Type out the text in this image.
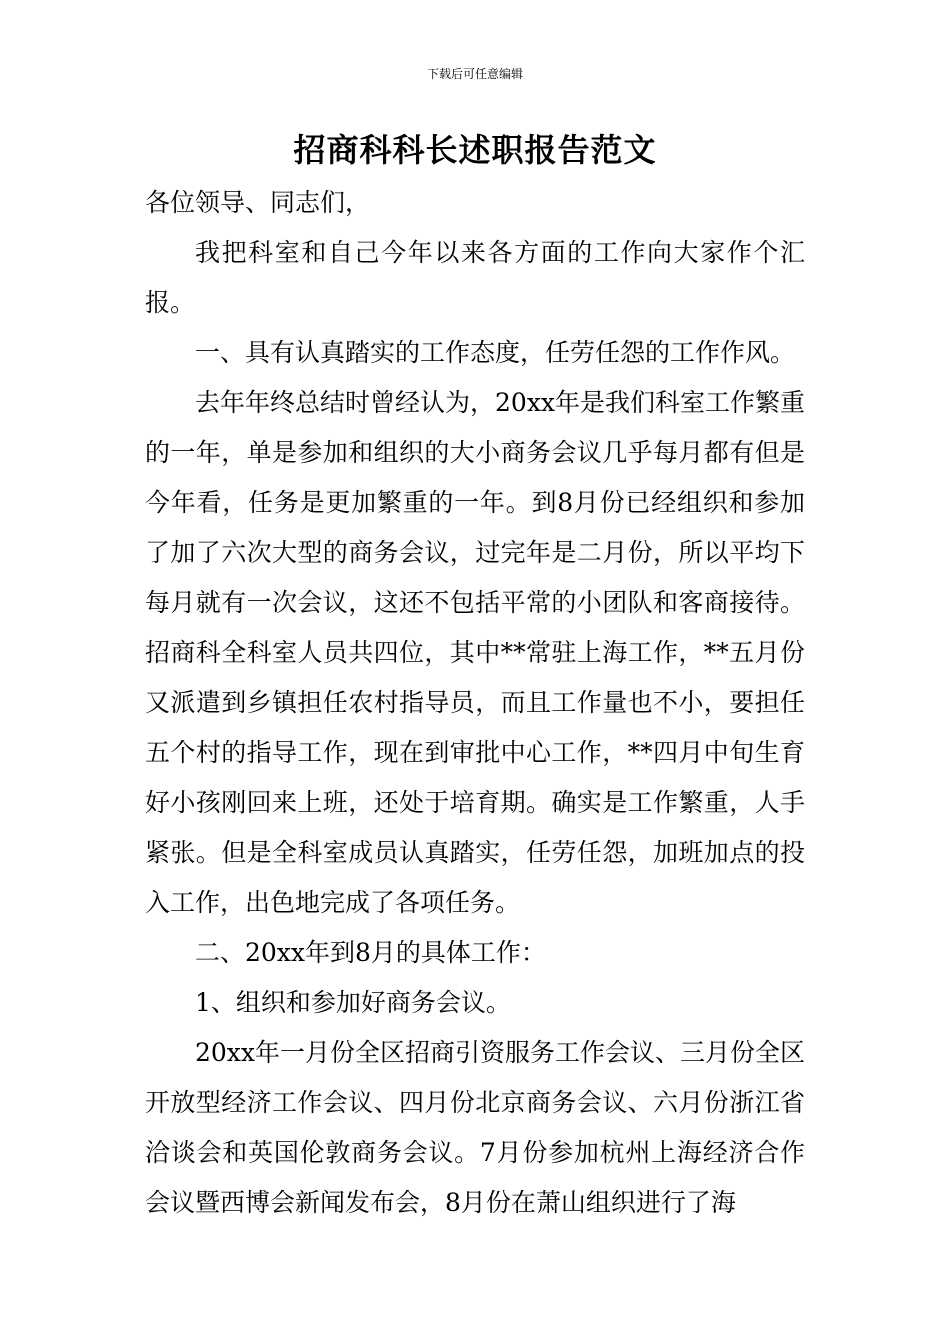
下载后可任意编辑
招商科科长述职报告范文

各位领导、同志们，

我把科室和自己今年以来各方面的工作向大家作个汇报。

一、具有认真踏实的工作态度，任劳任怨的工作作风。

去年年终总结时曾经认为，20xx年是我们科室工作繁重的一年，单是参加和组织的大小商务会议几乎每月都有但是今年看，任务是更加繁重的一年。到8月份已经组织和参加了加了六次大型的商务会议，过完年是二月份，所以平均下每月就有一次会议，这还不包括平常的小团队和客商接待。招商科全科室人员共四位，其中**常驻上海工作，**五月份又派遣到乡镇担任农村指导员，而且工作量也不小，要担任五个村的指导工作，现在到审批中心工作，**四月中旬生育好小孩刚回来上班，还处于培育期。确实是工作繁重，人手紧张。但是全科室成员认真踏实，任劳任怨，加班加点的投入工作，出色地完成了各项任务。

二、20xx年到8月的具体工作：

1、组织和参加好商务会议。

20xx年一月份全区招商引资服务工作会议、三月份全区开放型经济工作会议、四月份北京商务会议、六月份浙江省洽谈会和英国伦敦商务会议。7月份参加杭州上海经济合作会议暨西博会新闻发布会，8月份在萧山组织进行了海
